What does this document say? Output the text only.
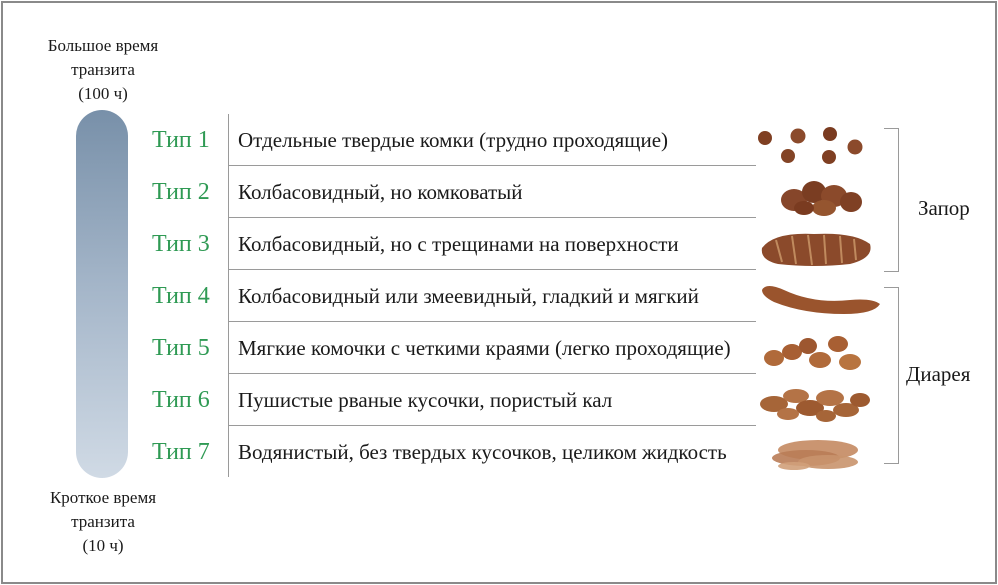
Большое время
транзита
(100 ч)
Кроткое время
транзита
(10 ч)
Тип 1	Отдельные твердые комки (трудно проходящие)
Тип 2	Колбасовидный, но комковатый
Тип 3	Колбасовидный, но с трещинами на поверхности
Тип 4	Колбасовидный или змеевидный, гладкий и мягкий
Тип 5	Мягкие комочки с четкими краями (легко проходящие)
Тип 6	Пушистые рваные кусочки, пористый кал
Тип 7	Водянистый, без твердых кусочков, целиком жидкость
Запор
Диарея
